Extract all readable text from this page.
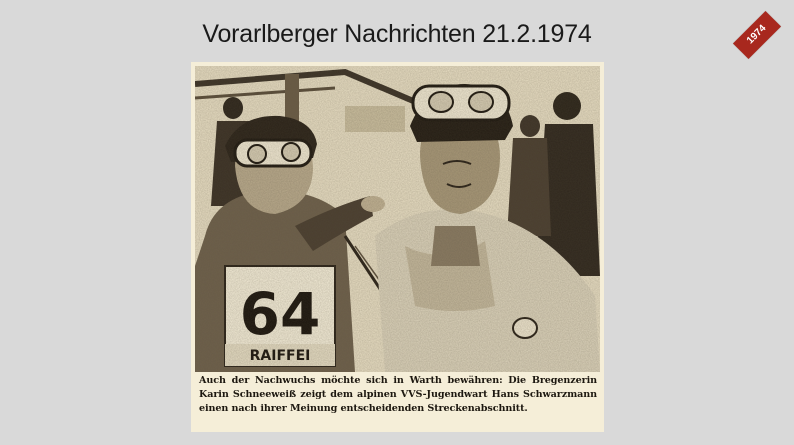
Vorarlberger Nachrichten 21.2.1974	1974
Auch der Nachwuchs möchte sich in Warth bewähren: Die Bregenzerin Karin Schneeweiß zeigt dem alpinen VVS-Jugendwart Hans Schwarzmann einen nach ihrer Meinung entscheidenden Streckenabschnitt.
